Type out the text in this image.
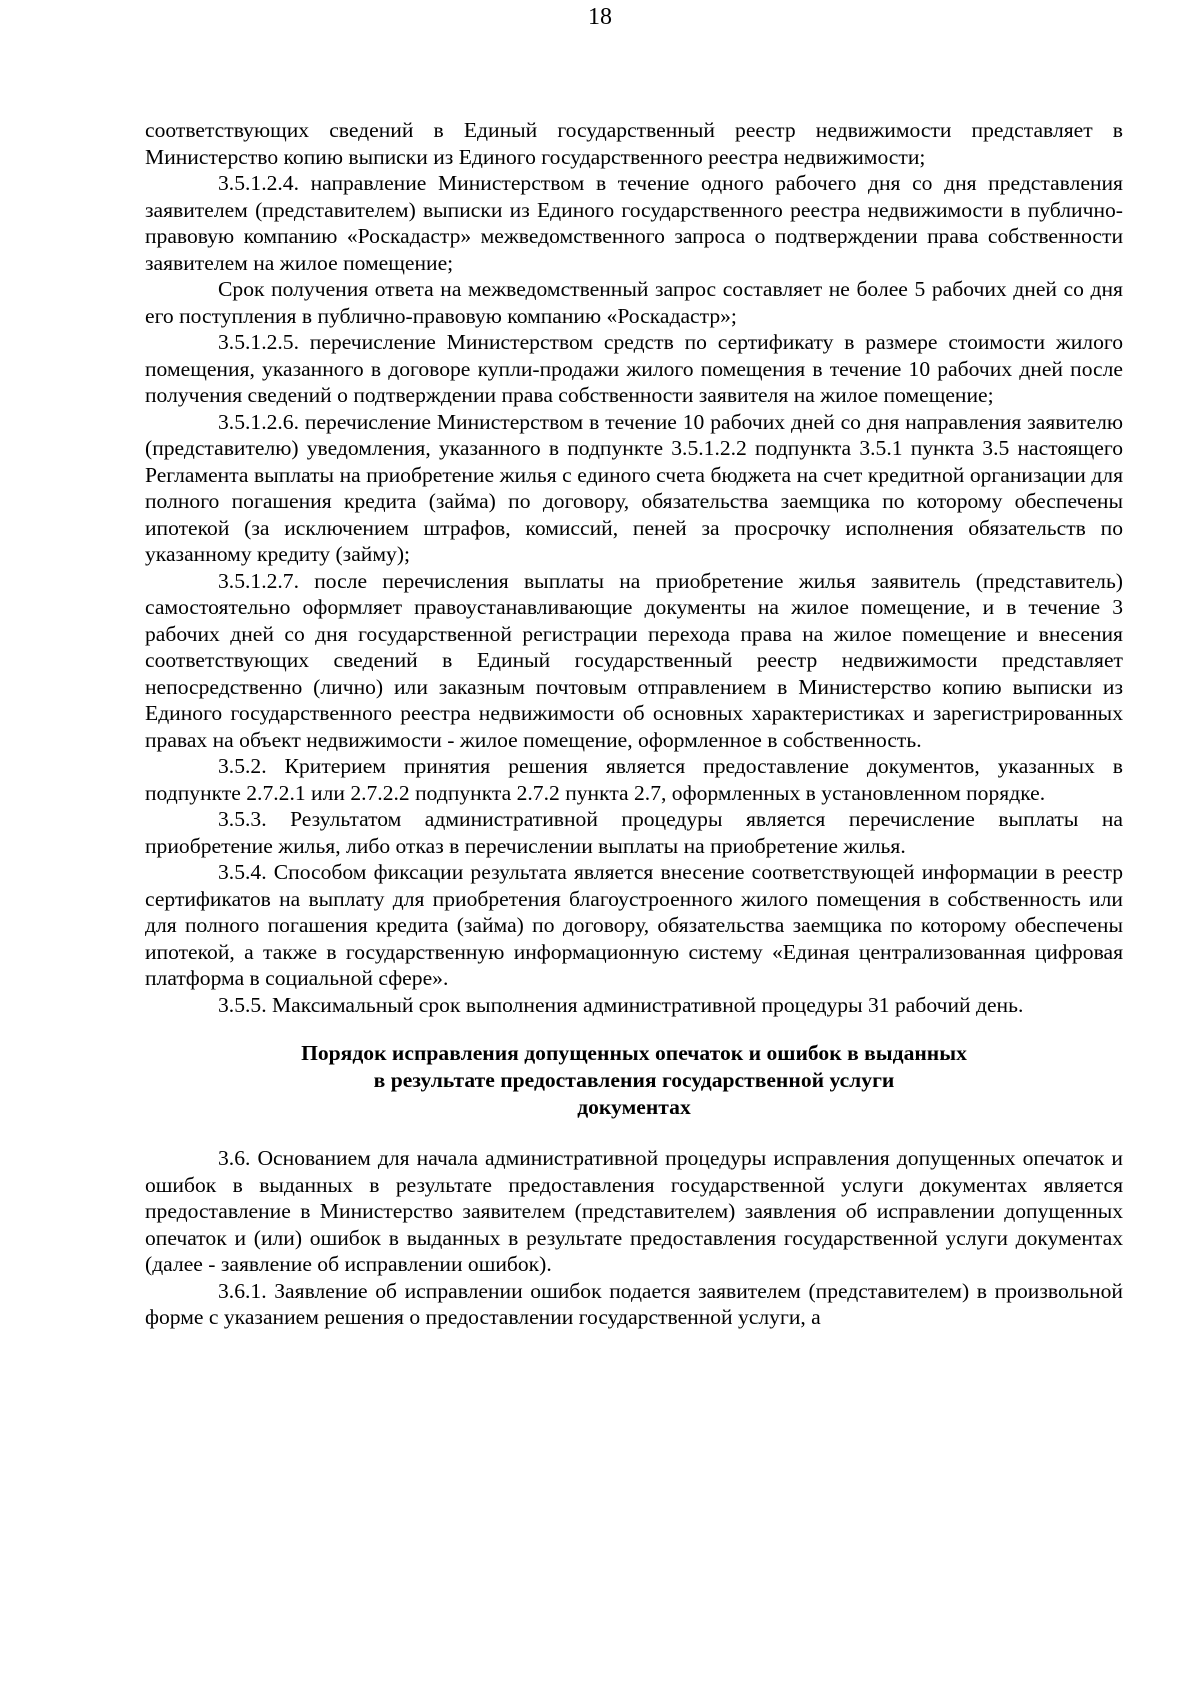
18

соответствующих сведений в Единый государственный реестр недвижимости представляет в Министерство копию выписки из Единого государственного реестра недвижимости;

3.5.1.2.4. направление Министерством в течение одного рабочего дня со дня представления заявителем (представителем) выписки из Единого государственного реестра недвижимости в публично-правовую компанию «Роскадастр» межведомственного запроса о подтверждении права собственности заявителем на жилое помещение;

Срок получения ответа на межведомственный запрос составляет не более 5 рабочих дней со дня его поступления в публично-правовую компанию «Роскадастр»;

3.5.1.2.5. перечисление Министерством средств по сертификату в размере стоимости жилого помещения, указанного в договоре купли-продажи жилого помещения в течение 10 рабочих дней после получения сведений о подтверждении права собственности заявителя на жилое помещение;

3.5.1.2.6. перечисление Министерством в течение 10 рабочих дней со дня направления заявителю (представителю) уведомления, указанного в подпункте 3.5.1.2.2 подпункта 3.5.1 пункта 3.5 настоящего Регламента выплаты на приобретение жилья с единого счета бюджета на счет кредитной организации для полного погашения кредита (займа) по договору, обязательства заемщика по которому обеспечены ипотекой (за исключением штрафов, комиссий, пеней за просрочку исполнения обязательств по указанному кредиту (займу);

3.5.1.2.7. после перечисления выплаты на приобретение жилья заявитель (представитель) самостоятельно оформляет правоустанавливающие документы на жилое помещение, и в течение 3 рабочих дней со дня государственной регистрации перехода права на жилое помещение и внесения соответствующих сведений в Единый государственный реестр недвижимости представляет непосредственно (лично) или заказным почтовым отправлением в Министерство копию выписки из Единого государственного реестра недвижимости об основных характеристиках и зарегистрированных правах на объект недвижимости - жилое помещение, оформленное в собственность.

3.5.2. Критерием принятия решения является предоставление документов, указанных в подпункте 2.7.2.1 или 2.7.2.2 подпункта 2.7.2 пункта 2.7, оформленных в установленном порядке.

3.5.3. Результатом административной процедуры является перечисление выплаты на приобретение жилья, либо отказ в перечислении выплаты на приобретение жилья.

3.5.4. Способом фиксации результата является внесение соответствующей информации в реестр сертификатов на выплату для приобретения благоустроенного жилого помещения в собственность или для полного погашения кредита (займа) по договору, обязательства заемщика по которому обеспечены ипотекой, а также в государственную информационную систему «Единая централизованная цифровая платформа в социальной сфере».

3.5.5. Максимальный срок выполнения административной процедуры 31 рабочий день.

Порядок исправления допущенных опечаток и ошибок в выданных
в результате предоставления государственной услуги
документах

3.6. Основанием для начала административной процедуры исправления допущенных опечаток и ошибок в выданных в результате предоставления государственной услуги документах является предоставление в Министерство заявителем (представителем) заявления об исправлении допущенных опечаток и (или) ошибок в выданных в результате предоставления государственной услуги документах (далее - заявление об исправлении ошибок).

3.6.1. Заявление об исправлении ошибок подается заявителем (представителем) в произвольной форме с указанием решения о предоставлении государственной услуги, а
